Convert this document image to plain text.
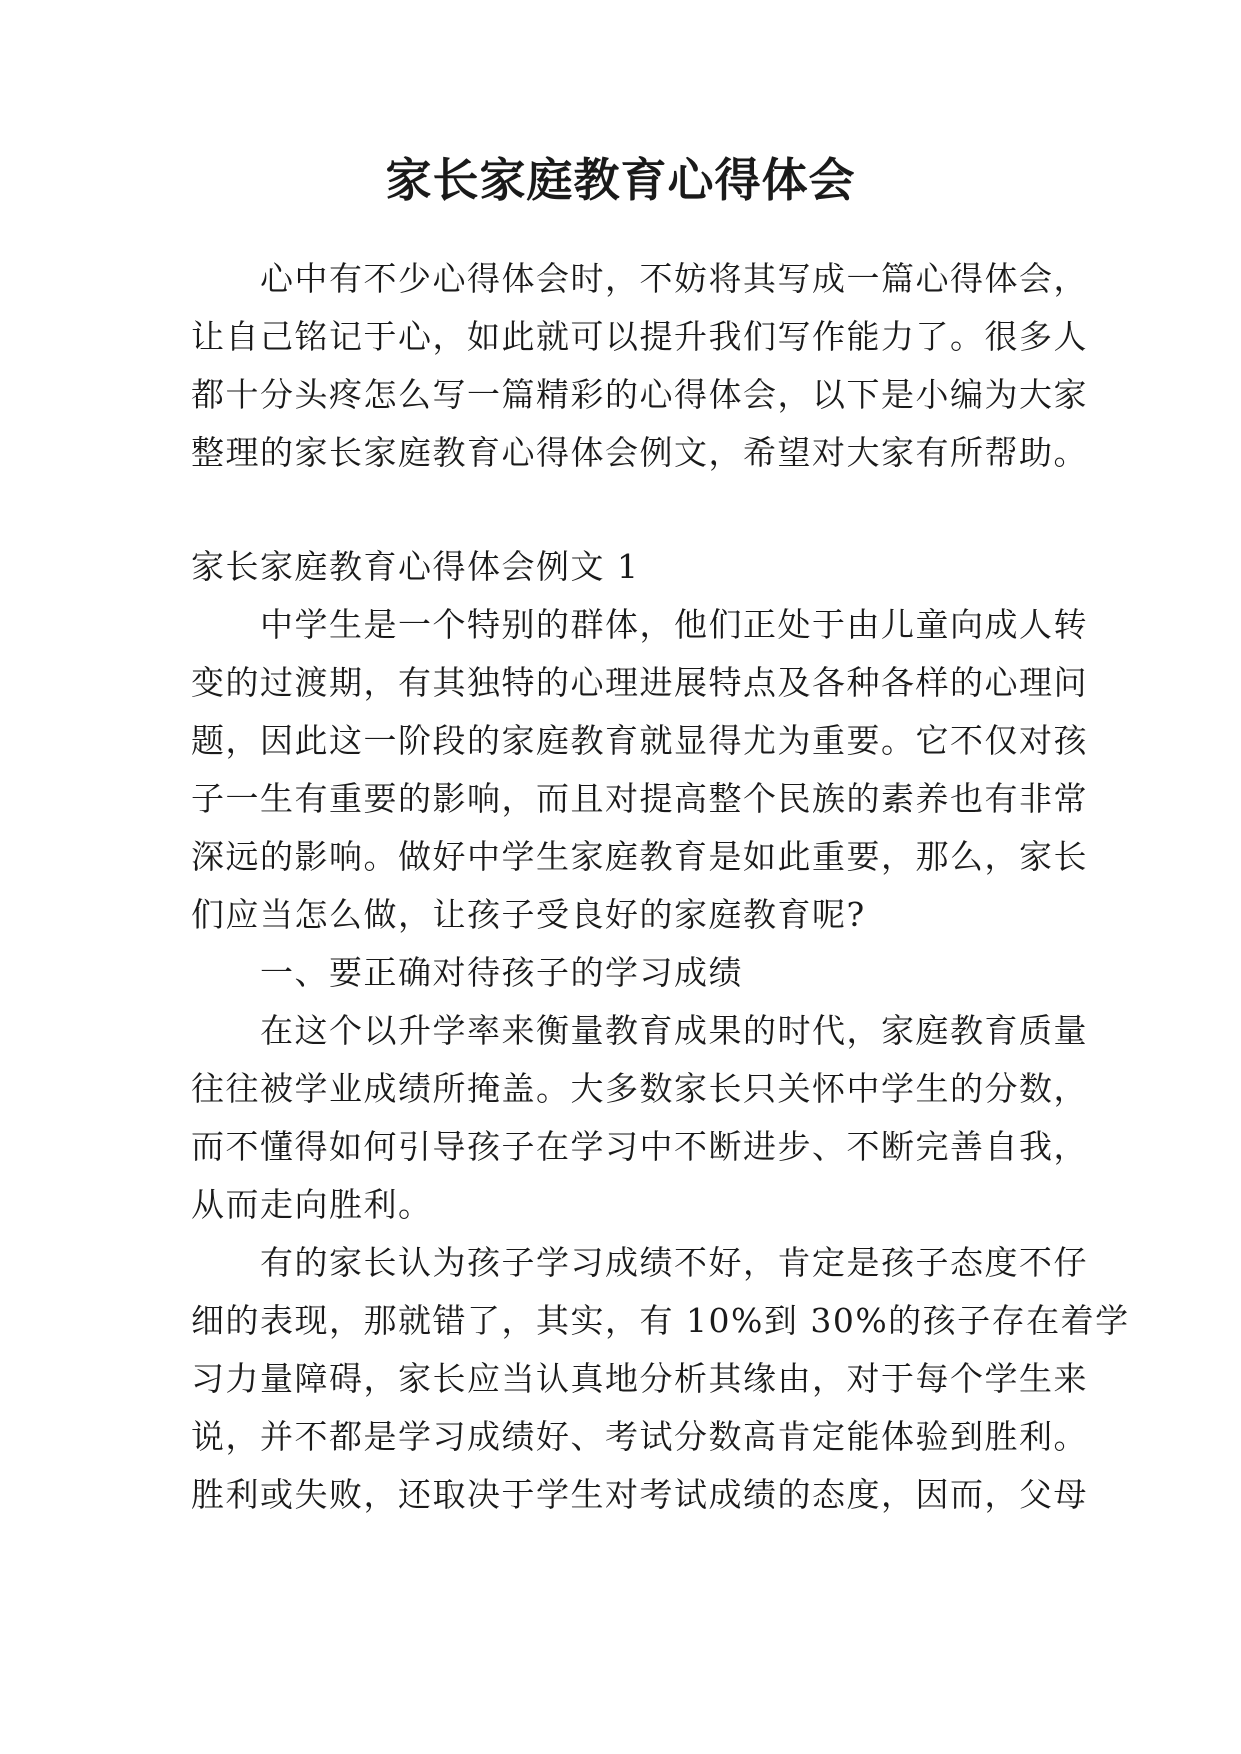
家长家庭教育心得体会
　　心中有不少心得体会时，不妨将其写成一篇心得体会，
让自己铭记于心，如此就可以提升我们写作能力了。很多人
都十分头疼怎么写一篇精彩的心得体会，以下是小编为大家
整理的家长家庭教育心得体会例文，希望对大家有所帮助。
家长家庭教育心得体会例文 1
　　中学生是一个特别的群体，他们正处于由儿童向成人转
变的过渡期，有其独特的心理进展特点及各种各样的心理问
题，因此这一阶段的家庭教育就显得尤为重要。它不仅对孩
子一生有重要的影响，而且对提高整个民族的素养也有非常
深远的影响。做好中学生家庭教育是如此重要，那么，家长
们应当怎么做，让孩子受良好的家庭教育呢?
　　一、要正确对待孩子的学习成绩
　　在这个以升学率来衡量教育成果的时代，家庭教育质量
往往被学业成绩所掩盖。大多数家长只关怀中学生的分数，
而不懂得如何引导孩子在学习中不断进步、不断完善自我，
从而走向胜利。
　　有的家长认为孩子学习成绩不好，肯定是孩子态度不仔
细的表现，那就错了，其实，有 10%到 30%的孩子存在着学
习力量障碍，家长应当认真地分析其缘由，对于每个学生来
说，并不都是学习成绩好、考试分数高肯定能体验到胜利。
胜利或失败，还取决于学生对考试成绩的态度，因而，父母
